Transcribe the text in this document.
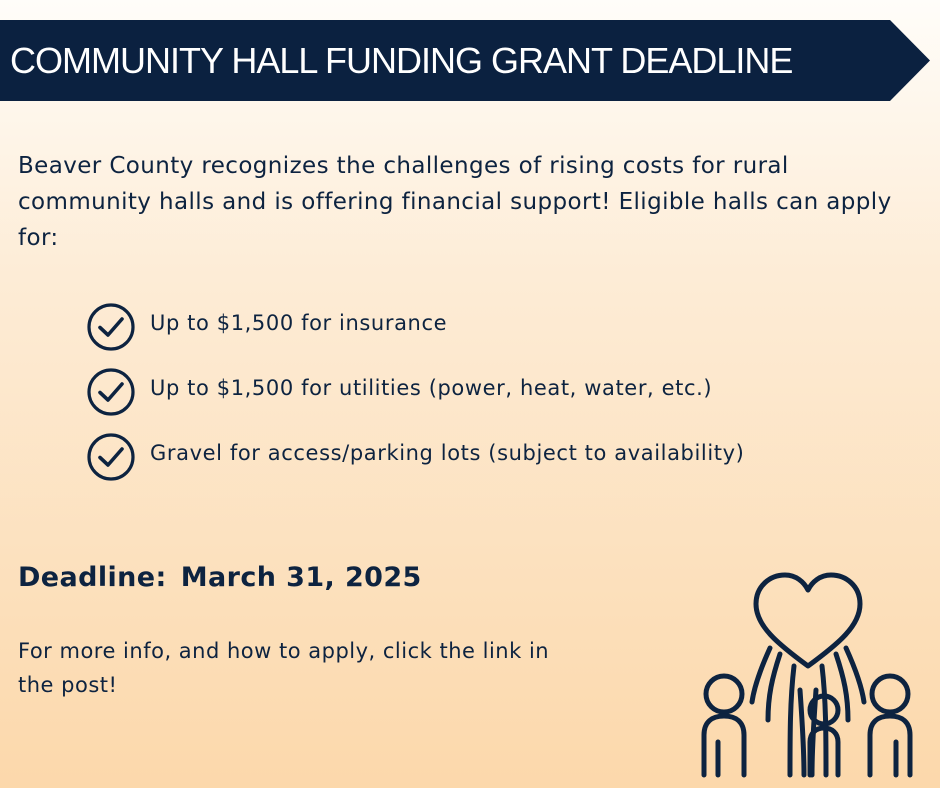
COMMUNITY HALL FUNDING GRANT DEADLINE

Beaver County recognizes the challenges of rising costs for rural community halls and is offering financial support! Eligible halls can apply for:

Up to $1,500 for insurance
Up to $1,500 for utilities (power, heat, water, etc.)
Gravel for access/parking lots (subject to availability)

Deadline: March 31, 2025

For more info, and how to apply, click the link in the post!
